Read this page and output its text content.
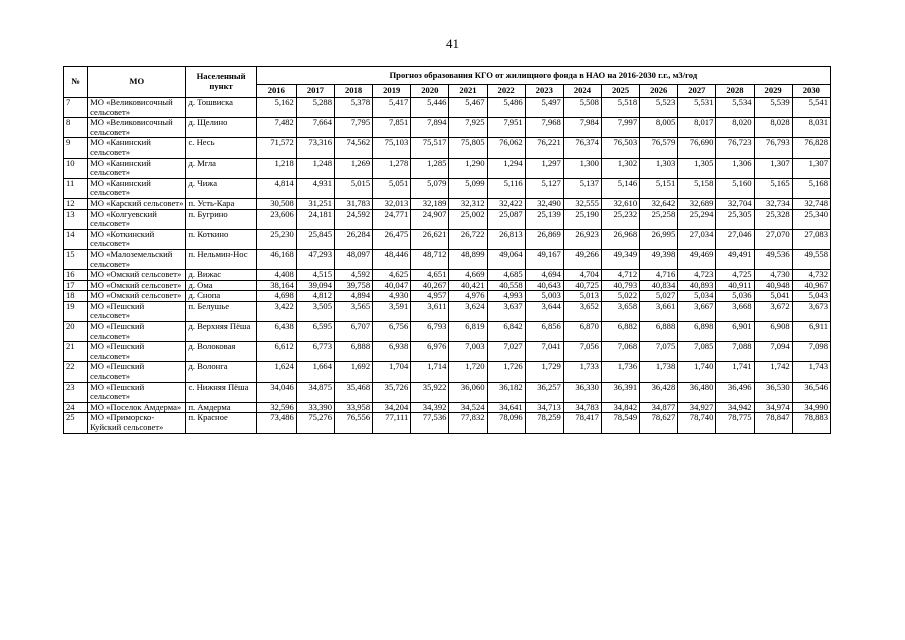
41
№	МО	Населенный пункт	Прогноз образования КГО от жилищного фонда в НАО на 2016-2030 г.г., м3/год														
			2016	2017	2018	2019	2020	2021	2022	2023	2024	2025	2026	2027	2028	2029	2030
7	МО «Великовисочный сельсовет»	д. Тошвиска	5,162	5,288	5,378	5,417	5,446	5,467	5,486	5,497	5,508	5,518	5,523	5,531	5,534	5,539	5,541
8	МО «Великовисочный сельсовет»	д. Щелино	7,482	7,664	7,795	7,851	7,894	7,925	7,951	7,968	7,984	7,997	8,005	8,017	8,020	8,028	8,031
9	МО «Канинский сельсовет»	с. Несь	71,572	73,316	74,562	75,103	75,517	75,805	76,062	76,221	76,374	76,503	76,579	76,690	76,723	76,793	76,828
10	МО «Канинский сельсовет»	д. Мгла	1,218	1,248	1,269	1,278	1,285	1,290	1,294	1,297	1,300	1,302	1,303	1,305	1,306	1,307	1,307
11	МО «Канинский сельсовет»	д. Чижа	4,814	4,931	5,015	5,051	5,079	5,099	5,116	5,127	5,137	5,146	5,151	5,158	5,160	5,165	5,168
12	МО «Карский сельсовет»	п. Усть-Кара	30,508	31,251	31,783	32,013	32,189	32,312	32,422	32,490	32,555	32,610	32,642	32,689	32,704	32,734	32,748
13	МО «Колгуевский сельсовет»	п. Бугрино	23,606	24,181	24,592	24,771	24,907	25,002	25,087	25,139	25,190	25,232	25,258	25,294	25,305	25,328	25,340
14	МО «Коткинский сельсовет»	п. Коткино	25,230	25,845	26,284	26,475	26,621	26,722	26,813	26,869	26,923	26,968	26,995	27,034	27,046	27,070	27,083
15	МО «Малоземельский сельсовет»	п. Нельмин-Нос	46,168	47,293	48,097	48,446	48,712	48,899	49,064	49,167	49,266	49,349	49,398	49,469	49,491	49,536	49,558
16	МО «Омский сельсовет»	д. Вижас	4,408	4,515	4,592	4,625	4,651	4,669	4,685	4,694	4,704	4,712	4,716	4,723	4,725	4,730	4,732
17	МО «Омский сельсовет»	д. Ома	38,164	39,094	39,758	40,047	40,267	40,421	40,558	40,643	40,725	40,793	40,834	40,893	40,911	40,948	40,967
18	МО «Омский сельсовет»	д. Снопа	4,698	4,812	4,894	4,930	4,957	4,976	4,993	5,003	5,013	5,022	5,027	5,034	5,036	5,041	5,043
19	МО «Пешский сельсовет»	п. Белушье	3,422	3,505	3,565	3,591	3,611	3,624	3,637	3,644	3,652	3,658	3,661	3,667	3,668	3,672	3,673
20	МО «Пешский сельсовет»	д. Верхняя Пёша	6,438	6,595	6,707	6,756	6,793	6,819	6,842	6,856	6,870	6,882	6,888	6,898	6,901	6,908	6,911
21	МО «Пешский сельсовет»	д. Волоковая	6,612	6,773	6,888	6,938	6,976	7,003	7,027	7,041	7,056	7,068	7,075	7,085	7,088	7,094	7,098
22	МО «Пешский сельсовет»	д. Волонга	1,624	1,664	1,692	1,704	1,714	1,720	1,726	1,729	1,733	1,736	1,738	1,740	1,741	1,742	1,743
23	МО «Пешский сельсовет»	с. Нижняя Пёша	34,046	34,875	35,468	35,726	35,922	36,060	36,182	36,257	36,330	36,391	36,428	36,480	36,496	36,530	36,546
24	МО «Поселок Амдерма»	п. Амдерма	32,596	33,390	33,958	34,204	34,392	34,524	34,641	34,713	34,783	34,842	34,877	34,927	34,942	34,974	34,990
25	МО «Приморско-Куйский сельсовет»	п. Красное	73,486	75,276	76,556	77,111	77,536	77,832	78,096	78,259	78,417	78,549	78,627	78,740	78,775	78,847	78,883
